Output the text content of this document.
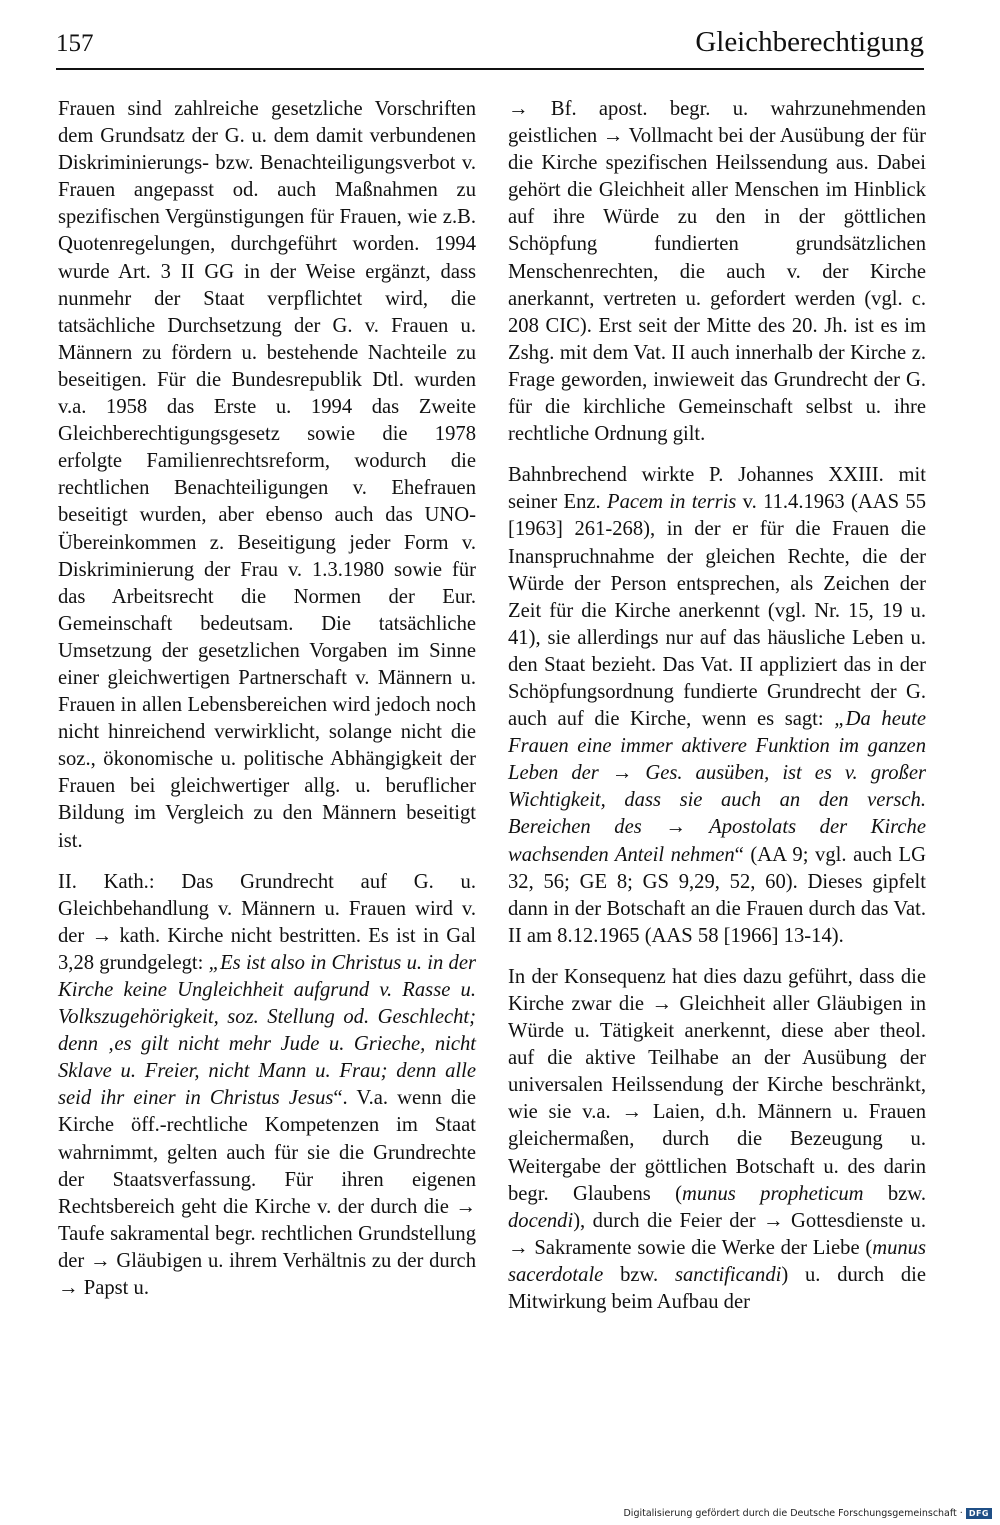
157	Gleichberechtigung

Frauen sind zahlreiche gesetzliche Vorschriften dem Grundsatz der G. u. dem damit verbundenen Diskriminierungs- bzw. Benachteiligungsverbot v. Frauen angepasst od. auch Maßnahmen zu spezifischen Vergünstigungen für Frauen, wie z.B. Quotenregelungen, durchgeführt worden. 1994 wurde Art. 3 II GG in der Weise ergänzt, dass nunmehr der Staat verpflichtet wird, die tatsächliche Durchsetzung der G. v. Frauen u. Männern zu fördern u. bestehende Nachteile zu beseitigen. Für die Bundesrepublik Dtl. wurden v.a. 1958 das Erste u. 1994 das Zweite Gleichberechtigungsgesetz sowie die 1978 erfolgte Familienrechtsreform, wodurch die rechtlichen Benachteiligungen v. Ehefrauen beseitigt wurden, aber ebenso auch das UNO-Übereinkommen z. Beseitigung jeder Form v. Diskriminierung der Frau v. 1.3.1980 sowie für das Arbeitsrecht die Normen der Eur. Gemeinschaft bedeutsam. Die tatsächliche Umsetzung der gesetzlichen Vorgaben im Sinne einer gleichwertigen Partnerschaft v. Männern u. Frauen in allen Lebensbereichen wird jedoch noch nicht hinreichend verwirklicht, solange nicht die soz., ökonomische u. politische Abhängigkeit der Frauen bei gleichwertiger allg. u. beruflicher Bildung im Vergleich zu den Männern beseitigt ist.

II. Kath.: Das Grundrecht auf G. u. Gleichbehandlung v. Männern u. Frauen wird v. der → kath. Kirche nicht bestritten. Es ist in Gal 3,28 grundgelegt: „Es ist also in Christus u. in der Kirche keine Ungleichheit aufgrund v. Rasse u. Volkszugehörigkeit, soz. Stellung od. Geschlecht; denn ‚es gilt nicht mehr Jude u. Grieche, nicht Sklave u. Freier, nicht Mann u. Frau; denn alle seid ihr einer in Christus Jesus“. V.a. wenn die Kirche öff.-rechtliche Kompetenzen im Staat wahrnimmt, gelten auch für sie die Grundrechte der Staatsverfassung. Für ihren eigenen Rechtsbereich geht die Kirche v. der durch die → Taufe sakramental begr. rechtlichen Grundstellung der → Gläubigen u. ihrem Verhältnis zu der durch → Papst u.

→ Bf. apost. begr. u. wahrzunehmenden geistlichen → Vollmacht bei der Ausübung der für die Kirche spezifischen Heilssendung aus. Dabei gehört die Gleichheit aller Menschen im Hinblick auf ihre Würde zu den in der göttlichen Schöpfung fundierten grundsätzlichen Menschenrechten, die auch v. der Kirche anerkannt, vertreten u. gefordert werden (vgl. c. 208 CIC). Erst seit der Mitte des 20. Jh. ist es im Zshg. mit dem Vat. II auch innerhalb der Kirche z. Frage geworden, inwieweit das Grundrecht der G. für die kirchliche Gemeinschaft selbst u. ihre rechtliche Ordnung gilt.

Bahnbrechend wirkte P. Johannes XXIII. mit seiner Enz. Pacem in terris v. 11.4.1963 (AAS 55 [1963] 261-268), in der er für die Frauen die Inanspruchnahme der gleichen Rechte, die der Würde der Person entsprechen, als Zeichen der Zeit für die Kirche anerkennt (vgl. Nr. 15, 19 u. 41), sie allerdings nur auf das häusliche Leben u. den Staat bezieht. Das Vat. II appliziert das in der Schöpfungsordnung fundierte Grundrecht der G. auch auf die Kirche, wenn es sagt: „Da heute Frauen eine immer aktivere Funktion im ganzen Leben der → Ges. ausüben, ist es v. großer Wichtigkeit, dass sie auch an den versch. Bereichen des → Apostolats der Kirche wachsenden Anteil nehmen“ (AA 9; vgl. auch LG 32, 56; GE 8; GS 9,29, 52, 60). Dieses gipfelt dann in der Botschaft an die Frauen durch das Vat. II am 8.12.1965 (AAS 58 [1966] 13-14).

In der Konsequenz hat dies dazu geführt, dass die Kirche zwar die → Gleichheit aller Gläubigen in Würde u. Tätigkeit anerkennt, diese aber theol. auf die aktive Teilhabe an der Ausübung der universalen Heilssendung der Kirche beschränkt, wie sie v.a. → Laien, d.h. Männern u. Frauen gleichermaßen, durch die Bezeugung u. Weitergabe der göttlichen Botschaft u. des darin begr. Glaubens (munus propheticum bzw. docendi), durch die Feier der → Gottesdienste u. → Sakramente sowie die Werke der Liebe (munus sacerdotale bzw. sanctificandi) u. durch die Mitwirkung beim Aufbau der

Digitalisierung gefördert durch die Deutsche Forschungsgemeinschaft · DFG
